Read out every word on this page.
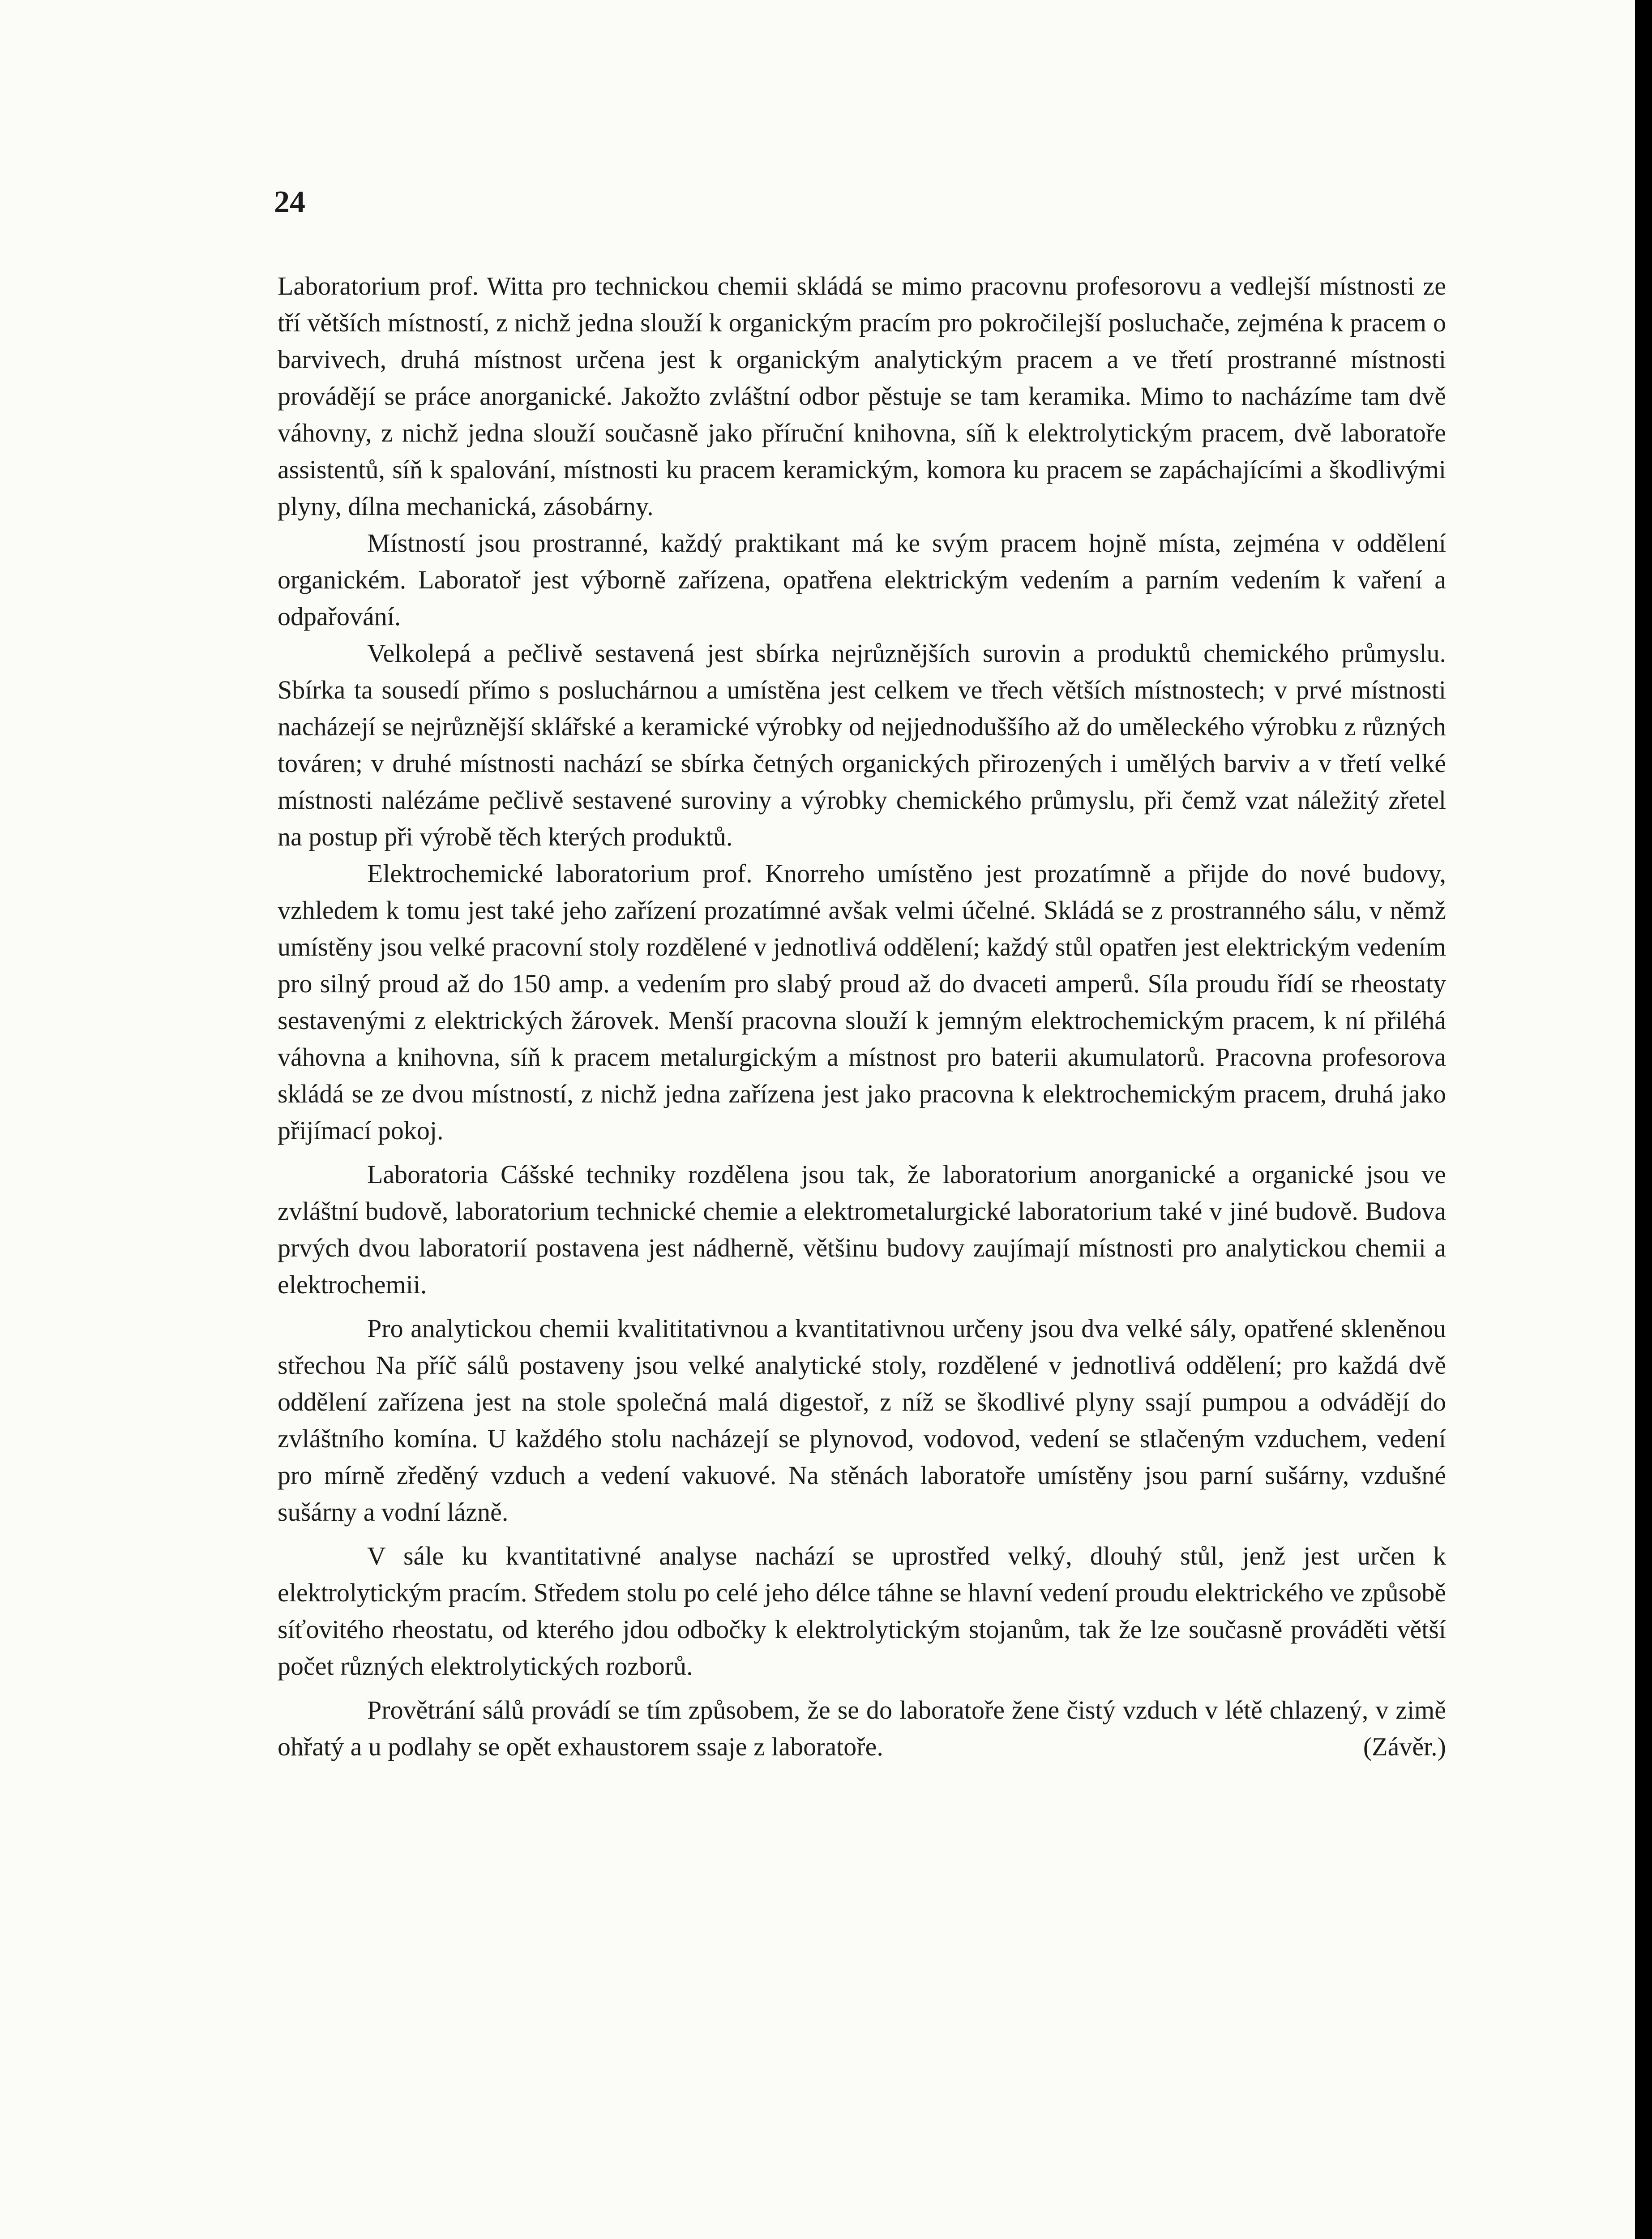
24

Laboratorium prof. Witta pro technickou chemii skládá se mimo pracovnu profesorovu a vedlejší místnosti ze tří větších místností, z nichž jedna slouží k organickým pracím pro pokročilejší posluchače, zejména k pracem o barvivech, druhá místnost určena jest k organickým analytickým pracem a ve třetí prostranné místnosti provádějí se práce anorganické. Jakožto zvláštní odbor pěstuje se tam keramika. Mimo to nacházíme tam dvě váhovny, z nichž jedna slouží současně jako příruční knihovna, síň k elektrolytickým pracem, dvě laboratoře assistentů, síň k spalování, místnosti ku pracem keramickým, komora ku pracem se zapáchajícími a škodlivými plyny, dílna mechanická, zásobárny.

Místností jsou prostranné, každý praktikant má ke svým pracem hojně místa, zejména v oddělení organickém. Laboratoř jest výborně zařízena, opatřena elektrickým vedením a parním vedením k vaření a odpařování.

Velkolepá a pečlivě sestavená jest sbírka nejrůznějších surovin a produktů chemického průmyslu. Sbírka ta sousedí přímo s posluchárnou a umístěna jest celkem ve třech větších místnostech; v prvé místnosti nacházejí se nejrůznější sklářské a keramické výrobky od nejjednoduššího až do uměleckého výrobku z různých továren; v druhé místnosti nachází se sbírka četných organických přirozených i umělých barviv a v třetí velké místnosti nalézáme pečlivě sestavené suroviny a výrobky chemického průmyslu, při čemž vzat náležitý zřetel na postup při výrobě těch kterých produktů.

Elektrochemické laboratorium prof. Knorreho umístěno jest prozatímně a přijde do nové budovy, vzhledem k tomu jest také jeho zařízení prozatímné avšak velmi účelné. Skládá se z prostranného sálu, v němž umístěny jsou velké pracovní stoly rozdělené v jednotlivá oddělení; každý stůl opatřen jest elektrickým vedením pro silný proud až do 150 amp. a vedením pro slabý proud až do dvaceti amperů. Síla proudu řídí se rheostaty sestavenými z elektrických žárovek. Menší pracovna slouží k jemným elektrochemickým pracem, k ní přiléhá váhovna a knihovna, síň k pracem metalurgickým a místnost pro baterii akumulatorů. Pracovna profesorova skládá se ze dvou místností, z nichž jedna zařízena jest jako pracovna k elektrochemickým pracem, druhá jako přijímací pokoj.

Laboratoria Cášské techniky rozdělena jsou tak, že laboratorium anorganické a organické jsou ve zvláštní budově, laboratorium technické chemie a elektrometalurgické laboratorium také v jiné budově. Budova prvých dvou laboratorií postavena jest nádherně, většinu budovy zaujímají místnosti pro analytickou chemii a elektrochemii.

Pro analytickou chemii kvalititativnou a kvantitativnou určeny jsou dva velké sály, opatřené skleněnou střechou Na příč sálů postaveny jsou velké analytické stoly, rozdělené v jednotlivá oddělení; pro každá dvě oddělení zařízena jest na stole společná malá digestoř, z níž se škodlivé plyny ssají pumpou a odvádějí do zvláštního komína. U každého stolu nacházejí se plynovod, vodovod, vedení se stlačeným vzduchem, vedení pro mírně zředěný vzduch a vedení vakuové. Na stěnách laboratoře umístěny jsou parní sušárny, vzdušné sušárny a vodní lázně.

V sále ku kvantitativné analyse nachází se uprostřed velký, dlouhý stůl, jenž jest určen k elektrolytickým pracím. Středem stolu po celé jeho délce táhne se hlavní vedení proudu elektrického ve způsobě síťovitého rheostatu, od kterého jdou odbočky k elektrolytickým stojanům, tak že lze současně prováděti větší počet různých elektrolytických rozborů.

Provětrání sálů provádí se tím způsobem, že se do laboratoře žene čistý vzduch v létě chlazený, v zimě ohřatý a u podlahy se opět exhaustorem ssaje z laboratoře.	(Závěr.)
